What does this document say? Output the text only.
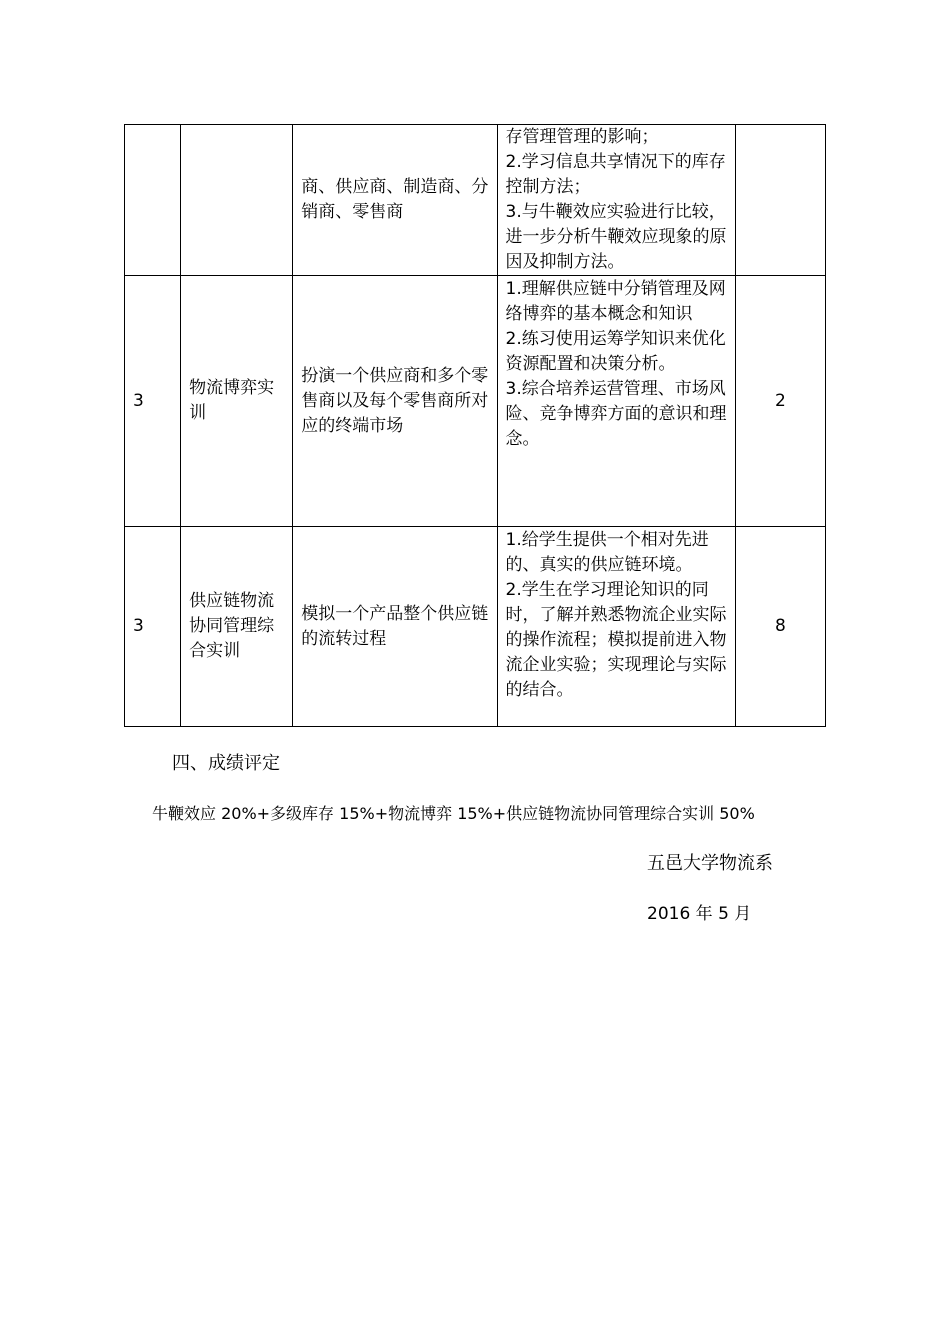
		商、供应商、制造商、分销商、零售商	存管理管理的影响；
2.学习信息共享情况下的库存控制方法；
3.与牛鞭效应实验进行比较，进一步分析牛鞭效应现象的原因及抑制方法。	

3	物流博弈实训	扮演一个供应商和多个零售商以及每个零售商所对应的终端市场	1.理解供应链中分销管理及网络博弈的基本概念和知识
2.练习使用运筹学知识来优化资源配置和决策分析。
3.综合培养运营管理、市场风险、竞争博弈方面的意识和理念。	2
3	供应链物流协同管理综合实训	模拟一个产品整个供应链的流转过程	1.给学生提供一个相对先进的、真实的供应链环境。
2.学生在学习理论知识的同时，了解并熟悉物流企业实际的操作流程；模拟提前进入物流企业实验；实现理论与实际的结合。	8

四、成绩评定

牛鞭效应 20%+多级库存 15%+物流博弈 15%+供应链物流协同管理综合实训 50%

五邑大学物流系

2016 年 5 月
